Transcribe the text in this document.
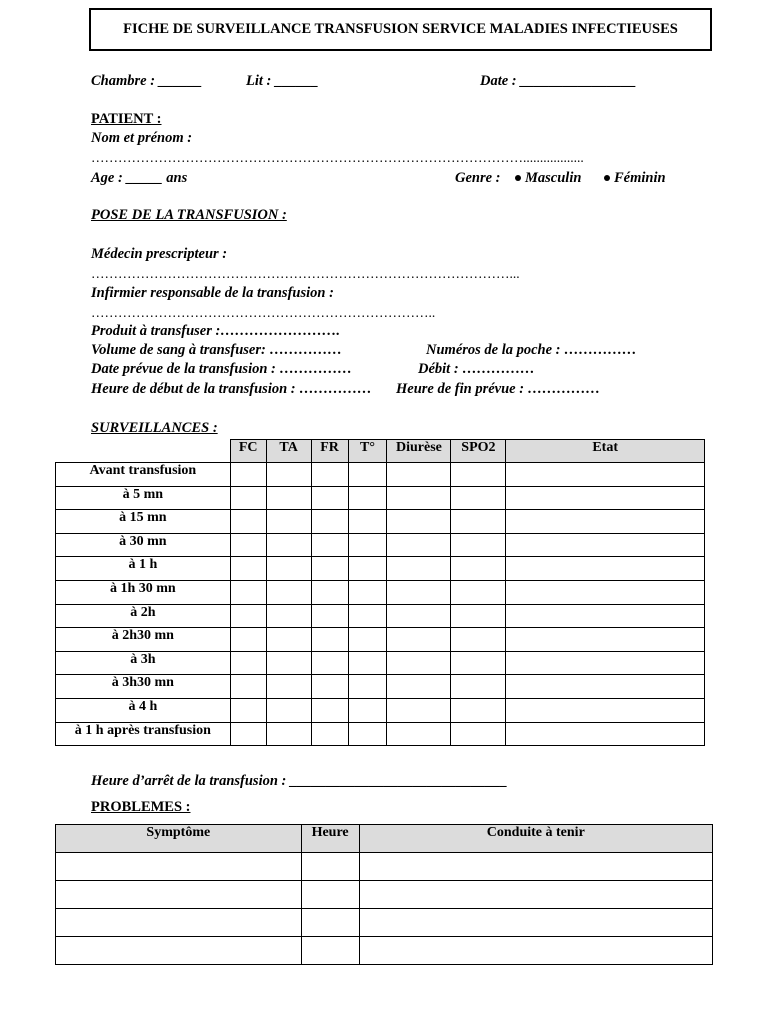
FICHE DE SURVEILLANCE TRANSFUSION SERVICE MALADIES INFECTIEUSES
Chambre : ______	Lit : ______	Date : ________________
PATIENT :
Nom et prénom :
……………………………………………………………………………………..................
Age : _____ ans	Genre :	Masculin	Féminin
POSE DE LA TRANSFUSION :
Médecin prescripteur :
…………………………………………………………………………………...
Infirmier responsable de la transfusion :
…………………………………………………………………..
Produit à transfuser :…………………….
Volume de sang à transfuser: ……………	Numéros de la poche : ……………
Date prévue de la transfusion : ……………	Débit : ……………
Heure de début de la transfusion : …………… Heure de fin prévue : ……………
SURVEILLANCES :
	FC	TA	FR	T°	Diurèse	SPO2	Etat
Avant transfusion							
à 5 mn							
à 15 mn							
à 30 mn							
à 1 h							
à 1h 30 mn							
à 2h							
à 2h30 mn							
à 3h							
à 3h30 mn							
à 4 h							
à 1 h après transfusion							
Heure d’arrêt de la transfusion : ______________________________
PROBLEMES :
Symptôme	Heure	Conduite à tenir
